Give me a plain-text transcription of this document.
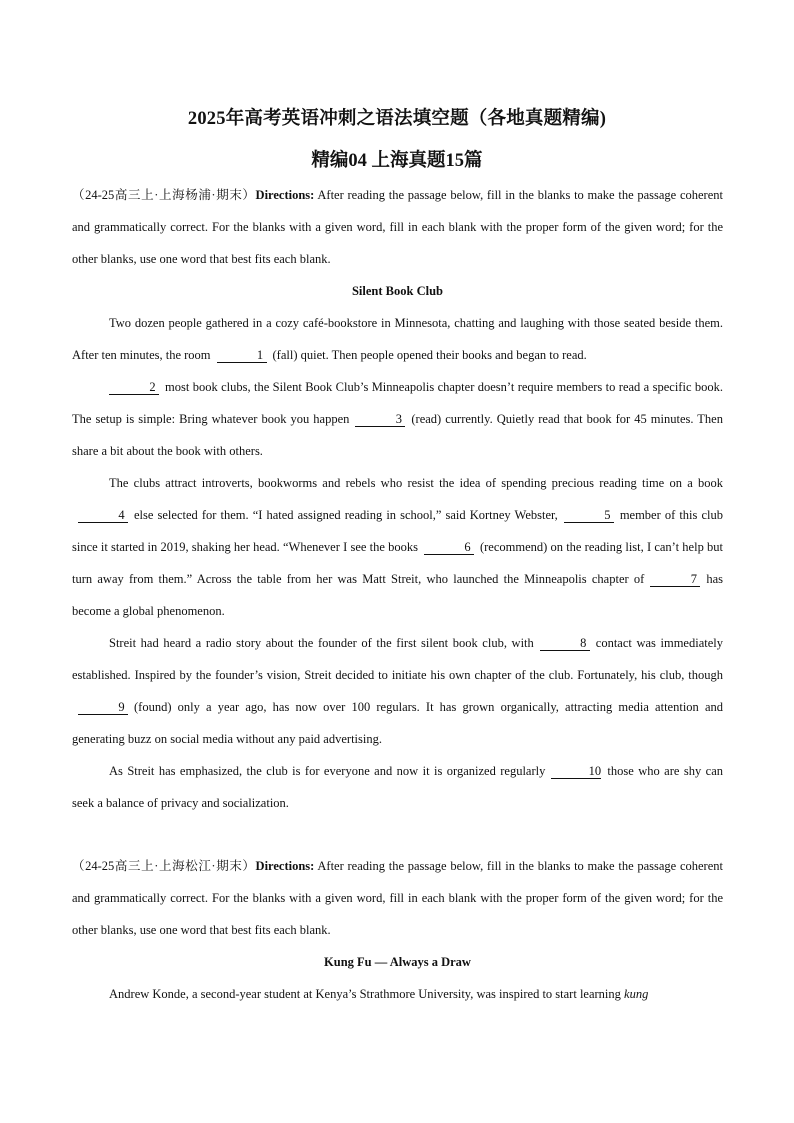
2025年高考英语冲刺之语法填空题（各地真题精编)
精编04 上海真题15篇

（24-25高三上·上海杨浦·期末）Directions: After reading the passage below, fill in the blanks to make the passage coherent and grammatically correct. For the blanks with a given word, fill in each blank with the proper form of the given word; for the other blanks, use one word that best fits each blank.

Silent Book Club

Two dozen people gathered in a cozy café-bookstore in Minnesota, chatting and laughing with those seated beside them. After ten minutes, the room	1 (fall) quiet. Then people opened their books and began to read.

2 most book clubs, the Silent Book Club’s Minneapolis chapter doesn’t require members to read a specific book. The setup is simple: Bring whatever book you happen	3 (read) currently. Quietly read that book for 45 minutes. Then share a bit about the book with others.

The clubs attract introverts, bookworms and rebels who resist the idea of spending precious reading time on a book4 else selected for them. “I hated assigned reading in school,” said Kortney Webster,	5 member of this club since it started in 2019, shaking her head. “Whenever I see the books	6 (recommend) on the reading list, I can’t help but turn away from them.” Across the table from her was Matt Streit, who launched the Minneapolis chapter of	7 has become a global phenomenon.

Streit had heard a radio story about the founder of the first silent book club, with	8 contact was immediately established. Inspired by the founder’s vision, Streit decided to initiate his own chapter of the club. Fortunately, his club, though9 (found) only a year ago, has now over 100 regulars. It has grown organically, attracting media attention and generating buzz on social media without any paid advertising.

As Streit has emphasized, the club is for everyone and now it is organized regularly	10 those who are shy can seek a balance of privacy and socialization.

（24-25高三上·上海松江·期末）Directions: After reading the passage below, fill in the blanks to make the passage coherent and grammatically correct. For the blanks with a given word, fill in each blank with the proper form of the given word; for the other blanks, use one word that best fits each blank.

Kung Fu — Always a Draw

Andrew Konde, a second-year student at Kenya’s Strathmore University, was inspired to start learning kung
